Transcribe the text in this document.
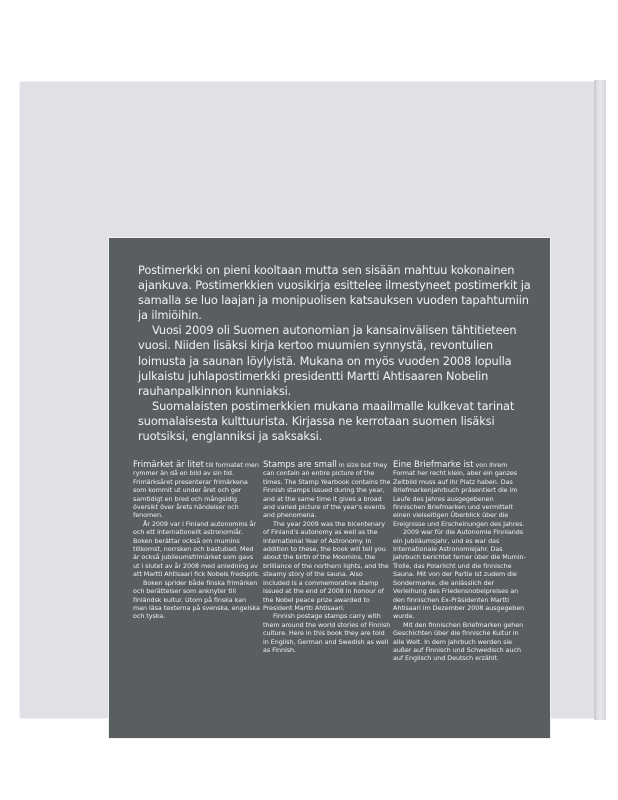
Postimerkki on pieni kooltaan mutta sen sisään mahtuu kokonainen ajankuva. Postimerkkien vuosikirja esittelee ilmestyneet postimerkit ja samalla se luo laajan ja monipuolisen katsauksen vuoden tapahtumiin ja ilmiöihin.

Vuosi 2009 oli Suomen autonomian ja kansainvälisen tähtitieteen vuosi. Niiden lisäksi kirja kertoo muumien synnystä, revontulien loimusta ja saunan löylyistä. Mukana on myös vuoden 2008 lopulla julkaistu juhlapostimerkki presidentti Martti Ahtisaaren Nobelin rauhanpalkinnon kunniaksi.

Suomalaisten postimerkkien mukana maailmalle kulkevat tarinat suomalaisesta kulttuurista. Kirjassa ne kerrotaan suomen lisäksi ruotsiksi, englanniksi ja saksaksi.

Frimärket är litet till formatet men rymmer än då en bild av sin tid. Frimärksåret presenterar frimärkena som kommit ut under året och ger samtidigt en bred och mångsidig översikt över årets händelser och fenomen.

År 2009 var i Finland autonomins år och ett internationellt astronomiår. Boken berättar också om mumins tillkomst, norrsken och bastubad. Med är också jubileumsfrimärket som gavs ut i slutet av år 2008 med anledning av att Martti Ahtisaari fick Nobels fredspris.

Boken sprider både finska frimärken och berättelser som anknyter till finländsk kultur. Utom på finska kan man läsa texterna på svenska, engelska och tyska.

Stamps are small in size but they can contain an entire picture of the times. The Stamp Yearbook contains the Finnish stamps issued during the year, and at the same time it gives a broad and varied picture of the year's events and phenomena.

The year 2009 was the bicentenary of Finland's autonomy as well as the International Year of Astronomy. In addition to these, the book will tell you about the birth of the Moomins, the brilliance of the northern lights, and the steamy story of the sauna. Also included is a commemorative stamp issued at the end of 2008 in honour of the Nobel peace prize awarded to President Martti Ahtisaari.

Finnish postage stamps carry with them around the world stories of Finnish culture. Here in this book they are told in English, German and Swedish as well as Finnish.

Eine Briefmarke ist von ihrem Format her recht klein, aber ein ganzes Zeitbild muss auf ihr Platz haben. Das Briefmarkenjahrbuch präsentiert die im Laufe des Jahres ausgegebenen finnischen Briefmarken und vermittelt einen vielseitigen Überblick über die Ereignisse und Erscheinungen des Jahres.

2009 war für die Autonomie Finnlands ein Jubiläumsjahr, und es war das Internationale Astronomiejahr. Das Jahrbuch berichtet ferner über die Mumin-Trolle, das Polarlicht und die finnische Sauna. Mit von der Partie ist zudem die Sondermarke, die anlässlich der Verleihung des Friedensnobelpreises an den finnischen Ex-Präsidenten Martti Ahtisaari im Dezember 2008 ausgegeben wurde.

Mit den finnischen Briefmarken gehen Geschichten über die finnische Kultur in alle Welt. In dem Jahrbuch werden sie außer auf Finnisch und Schwedisch auch auf Englisch und Deutsch erzählt.
